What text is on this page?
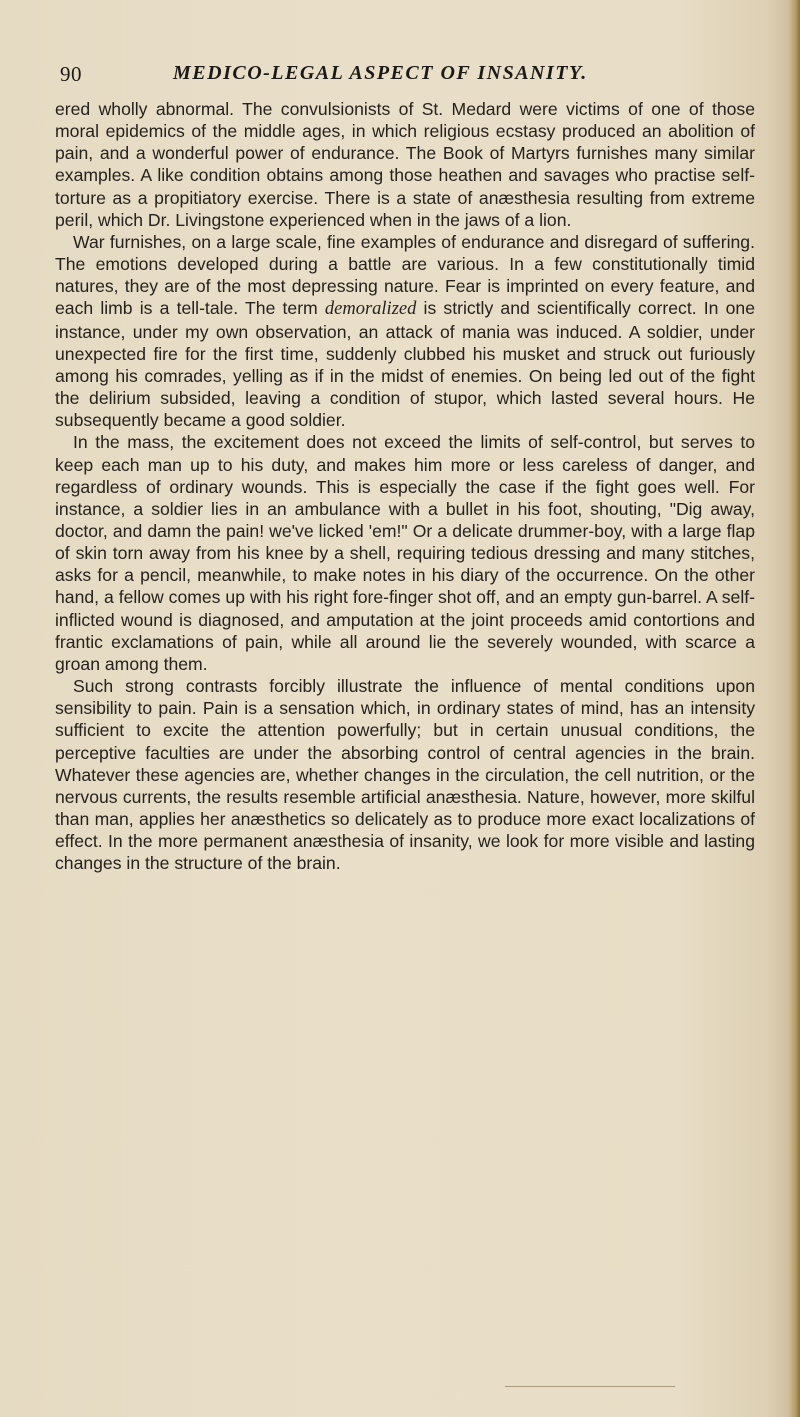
90	MEDICO-LEGAL ASPECT OF INSANITY.

ered wholly abnormal. The convulsionists of St. Medard were victims of one of those moral epidemics of the middle ages, in which religious ecstasy produced an abolition of pain, and a wonderful power of endurance. The Book of Martyrs furnishes many similar examples. A like condition obtains among those heathen and savages who practise self-torture as a propitiatory exercise. There is a state of anæsthesia resulting from extreme peril, which Dr. Livingstone experienced when in the jaws of a lion.

War furnishes, on a large scale, fine examples of endurance and disregard of suffering. The emotions developed during a battle are various. In a few constitutionally timid natures, they are of the most depressing nature. Fear is imprinted on every feature, and each limb is a tell-tale. The term demoralized is strictly and scientifically correct. In one instance, under my own observation, an attack of mania was induced. A soldier, under unexpected fire for the first time, suddenly clubbed his musket and struck out furiously among his comrades, yelling as if in the midst of enemies. On being led out of the fight the delirium subsided, leaving a condition of stupor, which lasted several hours. He subsequently became a good soldier.

In the mass, the excitement does not exceed the limits of self-control, but serves to keep each man up to his duty, and makes him more or less careless of danger, and regardless of ordinary wounds. This is especially the case if the fight goes well. For instance, a soldier lies in an ambulance with a bullet in his foot, shouting, "Dig away, doctor, and damn the pain! we've licked 'em!" Or a delicate drummer-boy, with a large flap of skin torn away from his knee by a shell, requiring tedious dressing and many stitches, asks for a pencil, meanwhile, to make notes in his diary of the occurrence. On the other hand, a fellow comes up with his right fore-finger shot off, and an empty gun-barrel. A self-inflicted wound is diagnosed, and amputation at the joint proceeds amid contortions and frantic exclamations of pain, while all around lie the severely wounded, with scarce a groan among them.

Such strong contrasts forcibly illustrate the influence of mental conditions upon sensibility to pain. Pain is a sensation which, in ordinary states of mind, has an intensity sufficient to excite the attention powerfully; but in certain unusual conditions, the perceptive faculties are under the absorbing control of central agencies in the brain. Whatever these agencies are, whether changes in the circulation, the cell nutrition, or the nervous currents, the results resemble artificial anæsthesia. Nature, however, more skilful than man, applies her anæsthetics so delicately as to produce more exact localizations of effect. In the more permanent anæsthesia of insanity, we look for more visible and lasting changes in the structure of the brain.
